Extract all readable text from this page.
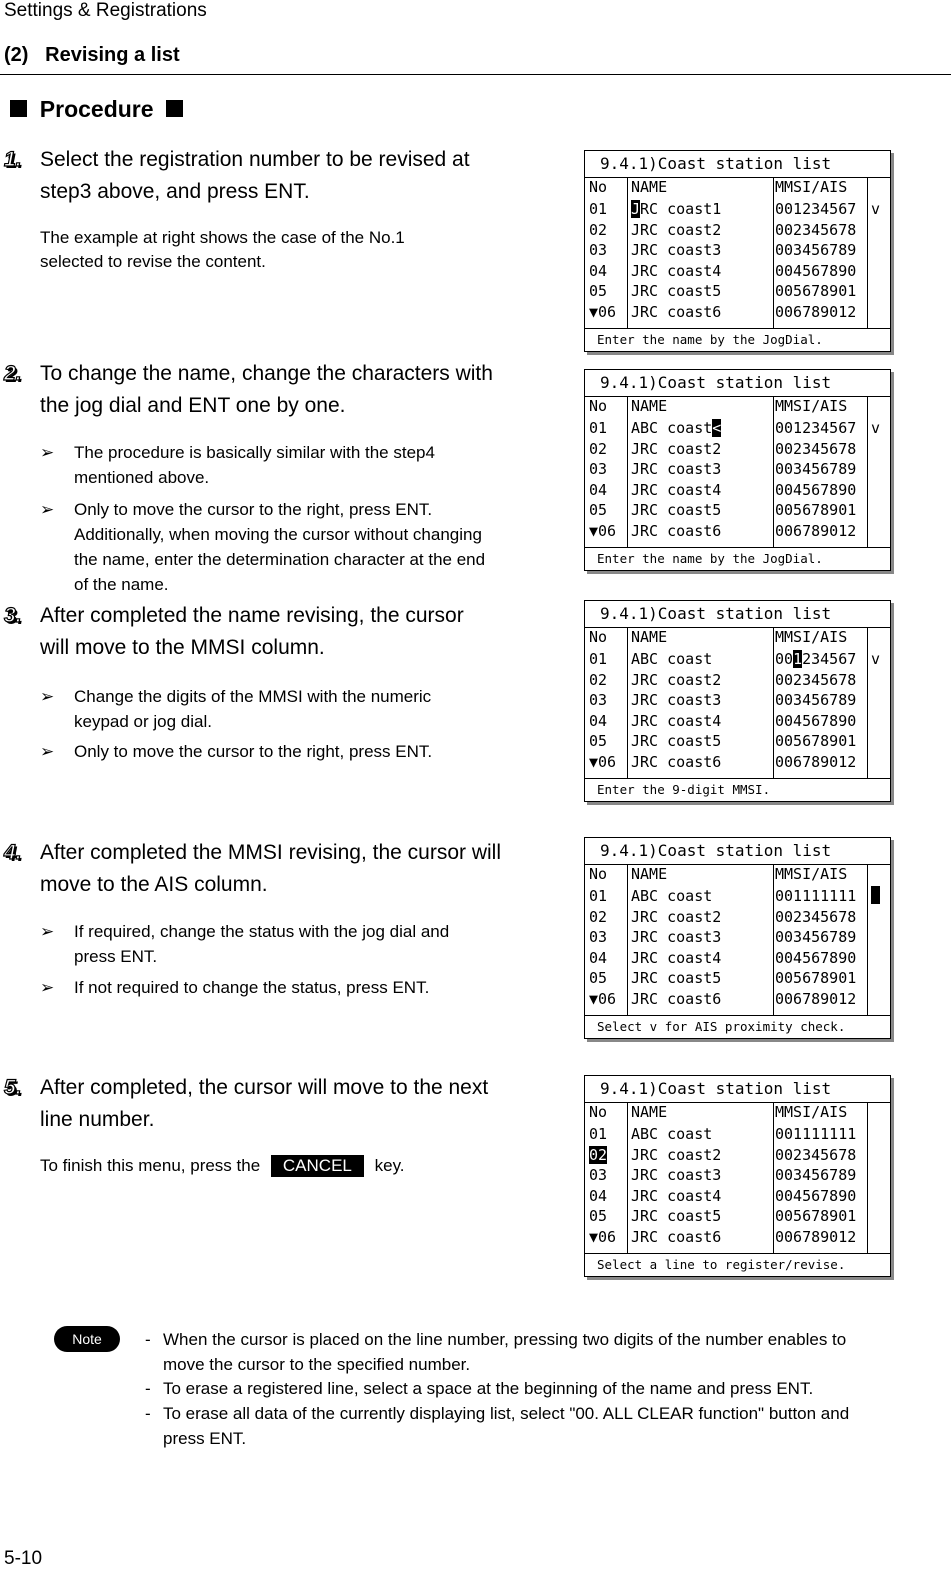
Settings & Registrations
(2) Revising a list
Procedure
1. Select the registration number to be revised at
step3 above, and press ENT.
The example at right shows the case of the No.1
selected to revise the content.
2. To change the name, change the characters with
the jog dial and ENT one by one.
➢ The procedure is basically similar with the step4
mentioned above.
➢ Only to move the cursor to the right, press ENT.
Additionally, when moving the cursor without changing
the name, enter the determination character at the end
of the name.
3. After completed the name revising, the cursor
will move to the MMSI column.
➢ Change the digits of the MMSI with the numeric
keypad or jog dial.
➢ Only to move the cursor to the right, press ENT.
4. After completed the MMSI revising, the cursor will
move to the AIS column.
➢ If required, change the status with the jog dial and
press ENT.
➢ If not required to change the status, press ENT.
5. After completed, the cursor will move to the next
line number.
To finish this menu, press the CANCEL key.
9.4.1)Coast station list
No	NAME	MMSI/AIS
01	JRC coast1	001234567 v
02	JRC coast2	002345678
03	JRC coast3	003456789
04	JRC coast4	004567890
05	JRC coast5	005678901
▼06 JRC coast6	006789012
Enter the name by the JogDial.
9.4.1)Coast station list
No	NAME	MMSI/AIS
01	ABC coast<	001234567 v
02	JRC coast2	002345678
03	JRC coast3	003456789
04	JRC coast4	004567890
05	JRC coast5	005678901
▼06 JRC coast6	006789012
Enter the name by the JogDial.
9.4.1)Coast station list
No	NAME	MMSI/AIS
01	ABC coast	001234567 v
02	JRC coast2	002345678
03	JRC coast3	003456789
04	JRC coast4	004567890
05	JRC coast5	005678901
▼06 JRC coast6	006789012
Enter the 9-digit MMSI.
9.4.1)Coast station list
No	NAME	MMSI/AIS
01	ABC coast	001111111
02	JRC coast2	002345678
03	JRC coast3	003456789
04	JRC coast4	004567890
05	JRC coast5	005678901
▼06 JRC coast6	006789012
Select v for AIS proximity check.
9.4.1)Coast station list
No	NAME	MMSI/AIS
01	ABC coast	001111111
02	JRC coast2	002345678
03	JRC coast3	003456789
04	JRC coast4	004567890
05	JRC coast5	005678901
▼06 JRC coast6	006789012
Select a line to register/revise.
Note	- When the cursor is placed on the line number, pressing two digits of the number enables to
move the cursor to the specified number.
- To erase a registered line, select a space at the beginning of the name and press ENT.
- To erase all data of the currently displaying list, select "00. ALL CLEAR function" button and
press ENT.
5-10
